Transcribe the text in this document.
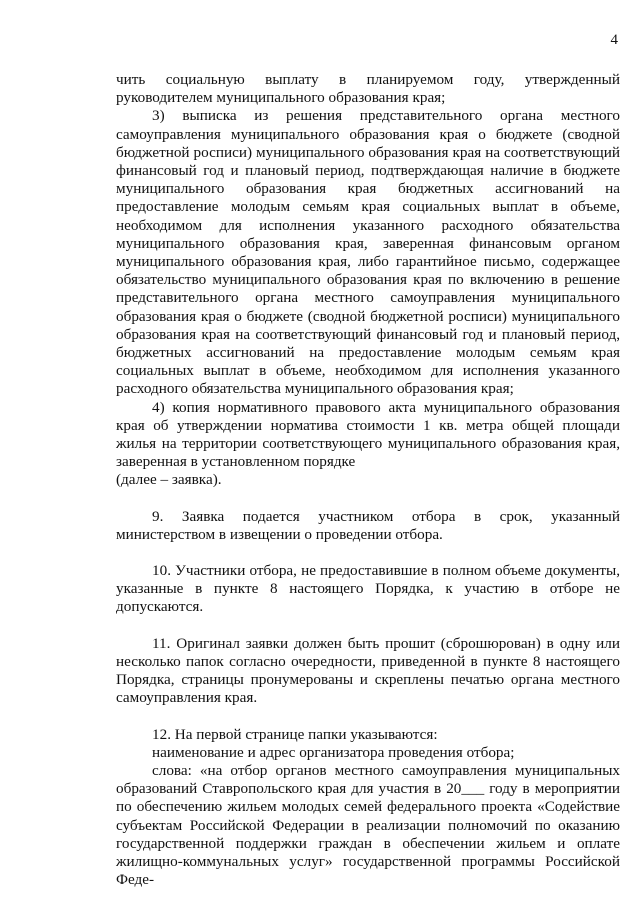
4

чить социальную выплату в планируемом году, утвержденный руководителем муниципального образования края;

3) выписка из решения представительного органа местного самоуправления муниципального образования края о бюджете (сводной бюджетной росписи) муниципального образования края на соответствующий финансовый год и плановый период, подтверждающая наличие в бюджете муниципального образования края бюджетных ассигнований на предоставление молодым семьям края социальных выплат в объеме, необходимом для исполнения указанного расходного обязательства муниципального образования края, заверенная финансовым органом муниципального образования края, либо гарантийное письмо, содержащее обязательство муниципального образования края по включению в решение представительного органа местного самоуправления муниципального образования края о бюджете (сводной бюджетной росписи) муниципального образования края на соответствующий финансовый год и плановый период, бюджетных ассигнований на предоставление молодым семьям края социальных выплат в объеме, необходимом для исполнения указанного расходного обязательства муниципального образования края;

4) копия нормативного правового акта муниципального образования края об утверждении норматива стоимости 1 кв. метра общей площади жилья на территории соответствующего муниципального образования края, заверенная в установленном порядке

(далее – заявка).

9. Заявка подается участником отбора в срок, указанный министерством в извещении о проведении отбора.

10. Участники отбора, не предоставившие в полном объеме документы, указанные в пункте 8 настоящего Порядка, к участию в отборе не допускаются.

11. Оригинал заявки должен быть прошит (сброшюрован) в одну или несколько папок согласно очередности, приведенной в пункте 8 настоящего Порядка, страницы пронумерованы и скреплены печатью органа местного самоуправления края.

12. На первой странице папки указываются:

наименование и адрес организатора проведения отбора;

слова: «на отбор органов местного самоуправления муниципальных образований Ставропольского края для участия в 20___ году в мероприятии по обеспечению жильем молодых семей федерального проекта «Содействие субъектам Российской Федерации в реализации полномочий по оказанию государственной поддержки граждан в обеспечении жильем и оплате жилищно-коммунальных услуг» государственной программы Российской Феде-
